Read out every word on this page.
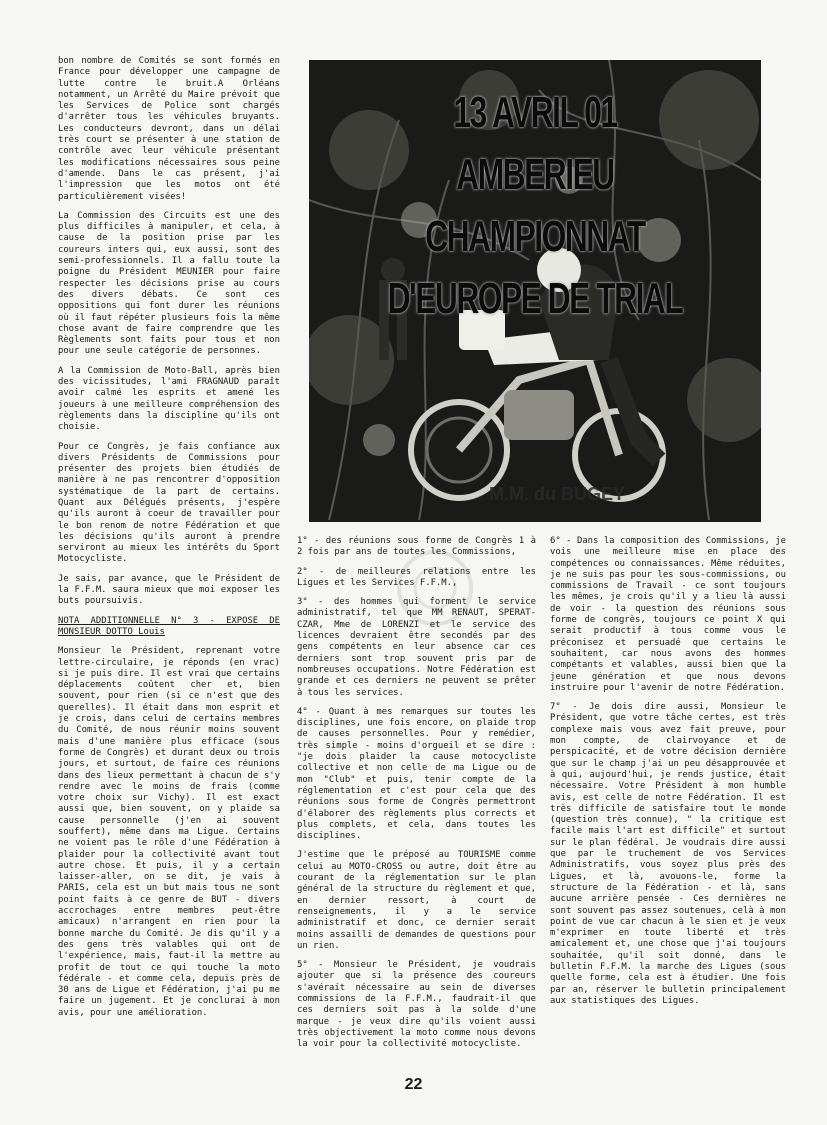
bon nombre de Comités se sont formés en France pour développer une campagne de lutte contre le bruit.A Orléans notamment, un Arrêté du Maire prévoit que les Services de Police sont chargés d'arrêter tous les véhicules bruyants. Les conducteurs devront, dans un délai très court se présenter à une station de contrôle avec leur véhicule présentant les modifications nécessaires sous peine d'amende. Dans le cas présent, j'ai l'impression que les motos ont été particulièrement visées!

La Commission des Circuits est une des plus difficiles à manipuler, et cela, à cause de la position prise par les coureurs inters qui, eux aussi, sont des semi-professionnels. Il a fallu toute la poigne du Président MEUNIER pour faire respecter les décisions prise au cours des divers débats. Ce sont ces oppositions qui font durer les réunions où il faut répéter plusieurs fois la même chose avant de faire comprendre que les Règlements sont faits pour tous et non pour une seule catégorie de personnes.

A la Commission de Moto-Ball, après bien des vicissitudes, l'ami FRAGNAUD paraît avoir calmé les esprits et amené les joueurs à une meilleure compréhension des règlements dans la discipline qu'ils ont choisie.

Pour ce Congrès, je fais confiance aux divers Présidents de Commissions pour présenter des projets bien étudiés de manière à ne pas rencontrer d'opposition systématique de la part de certains. Quant aux Délégués présents, j'espère qu'ils auront à coeur de travailler pour le bon renom de notre Fédération et que les décisions qu'ils auront à prendre serviront au mieux les intérêts du Sport Motocycliste.

Je sais, par avance, que le Président de la F.F.M. saura mieux que moi exposer les buts poursuivis.

NOTA ADDITIONNELLE N° 3 - EXPOSE DE MONSIEUR DOTTO Louis

Monsieur le Président, reprenant votre lettre-circulaire, je réponds (en vrac) si je puis dire. Il est vrai que certains déplacements coûtent cher et, bien souvent, pour rien (si ce n'est que des querelles). Il était dans mon esprit et je crois, dans celui de certains membres du Comité, de nous réunir moins souvent mais d'une manière plus efficace (sous forme de Congrès) et durant deux ou trois jours, et surtout, de faire ces réunions dans des lieux permettant à chacun de s'y rendre avec le moins de frais (comme votre choix sur Vichy). Il est exact aussi que, bien souvent, on y plaide sa cause personnelle (j'en ai souvent souffert), même dans ma Ligue. Certains ne voient pas le rôle d'une Fédération à plaider pour la collectivité avant tout autre chose. Et puis, il y a certain laisser-aller, on se dit, je vais à PARIS, cela est un but mais tous ne sont point faits à ce genre de BUT - divers accrochages entre membres peut-être amicaux) n'arrangent en rien pour la bonne marche du Comité. Je dis qu'il y a des gens très valables qui ont de l'expérience, mais, faut-il la mettre au profit de tout ce qui touche la moto fédérale - et comme cela, depuis près de 30 ans de Ligue et Fédération, j'ai pu me faire un jugement. Et je conclurai à mon avis, pour une amélioration.

13 AVRIL 01 AMBERIEU
CHAMPIONNAT
D'EUROPE DE TRIAL
M.M. du BUGEY

1° - des réunions sous forme de Congrès 1 à 2 fois par ans de toutes les Commissions,

2° - de meilleures relations entre les Ligues et les Services F.F.M.,

3° - des hommes qui forment le service administratif, tel que MM RENAUT, SPERAT-CZAR, Mme de LORENZI et le service des licences devraient être secondés par des gens compétents en leur absence car ces derniers sont trop souvent pris par de nombreuses occupations. Notre Fédération est grande et ces derniers ne peuvent se prêter à tous les services.

4° - Quant à mes remarques sur toutes les disciplines, une fois encore, on plaide trop de causes personnelles. Pour y remédier, très simple - moins d'orgueil et se dire : "je dois plaider la cause motocycliste collective et non celle de ma Ligue ou de mon "Club" et puis, tenir compte de la réglementation et c'est pour cela que des réunions sous forme de Congrès permettront d'élaborer des règlements plus corrects et plus complets, et cela, dans toutes les disciplines.

J'estime que le préposé au TOURISME comme celui au MOTO-CROSS ou autre, doit être au courant de la réglementation sur le plan général de la structure du règlement et que, en dernier ressort, à court de renseignements, il y a le service administratif et donc, ce dernier serait moins assailli de demandes de questions pour un rien.

5° - Monsieur le Président, je voudrais ajouter que si la présence des coureurs s'avérait nécessaire au sein de diverses commissions de la F.F.M., faudrait-il que ces derniers soit pas à la solde d'une marque - je veux dire qu'ils voient aussi très objectivement la moto comme nous devons la voir pour la collectivité motocycliste.

6° - Dans la composition des Commissions, je vois une meilleure mise en place des compétences ou connaissances. Même réduites, je ne suis pas pour les sous-commissions, ou commissions de Travail - ce sont toujours les mêmes, je crois qu'il y a lieu là aussi de voir - la question des réunions sous forme de congrès, toujours ce point X qui serait productif à tous comme vous le préconisez et persuadé que certains le souhaitent, car nous avons des hommes compétants et valables, aussi bien que la jeune génération et que nous devons instruire pour l'avenir de notre Fédération.

7° - Je dois dire aussi, Monsieur le Président, que votre tâche certes, est très complexe mais vous avez fait preuve, pour mon compte, de clairvoyance et de perspicacité, et de votre décision dernière que sur le champ j'ai un peu désapprouvée et à qui, aujourd'hui, je rends justice, était nécessaire. Votre Président à mon humble avis, est celle de notre Fédération. Il est très difficile de satisfaire tout le monde (question très connue), " la critique est facile mais l'art est difficile" et surtout sur le plan fédéral. Je voudrais dire aussi que par le truchement de vos Services Administratifs, vous soyez plus près des Ligues, et là, avouons-le, forme la structure de la Fédération - et là, sans aucune arrière pensée - Ces dernières ne sont souvent pas assez soutenues, celà à mon point de vue car chacun à le sien et je veux m'exprimer en toute liberté et très amicalement et, une chose que j'ai toujours souhaitée, qu'il soit donné, dans le bulletin F.F.M. la marche des Ligues (sous quelle forme, cela est à étudier. Une fois par an, réserver le bulletin principalement aux statistiques des Ligues.

22
